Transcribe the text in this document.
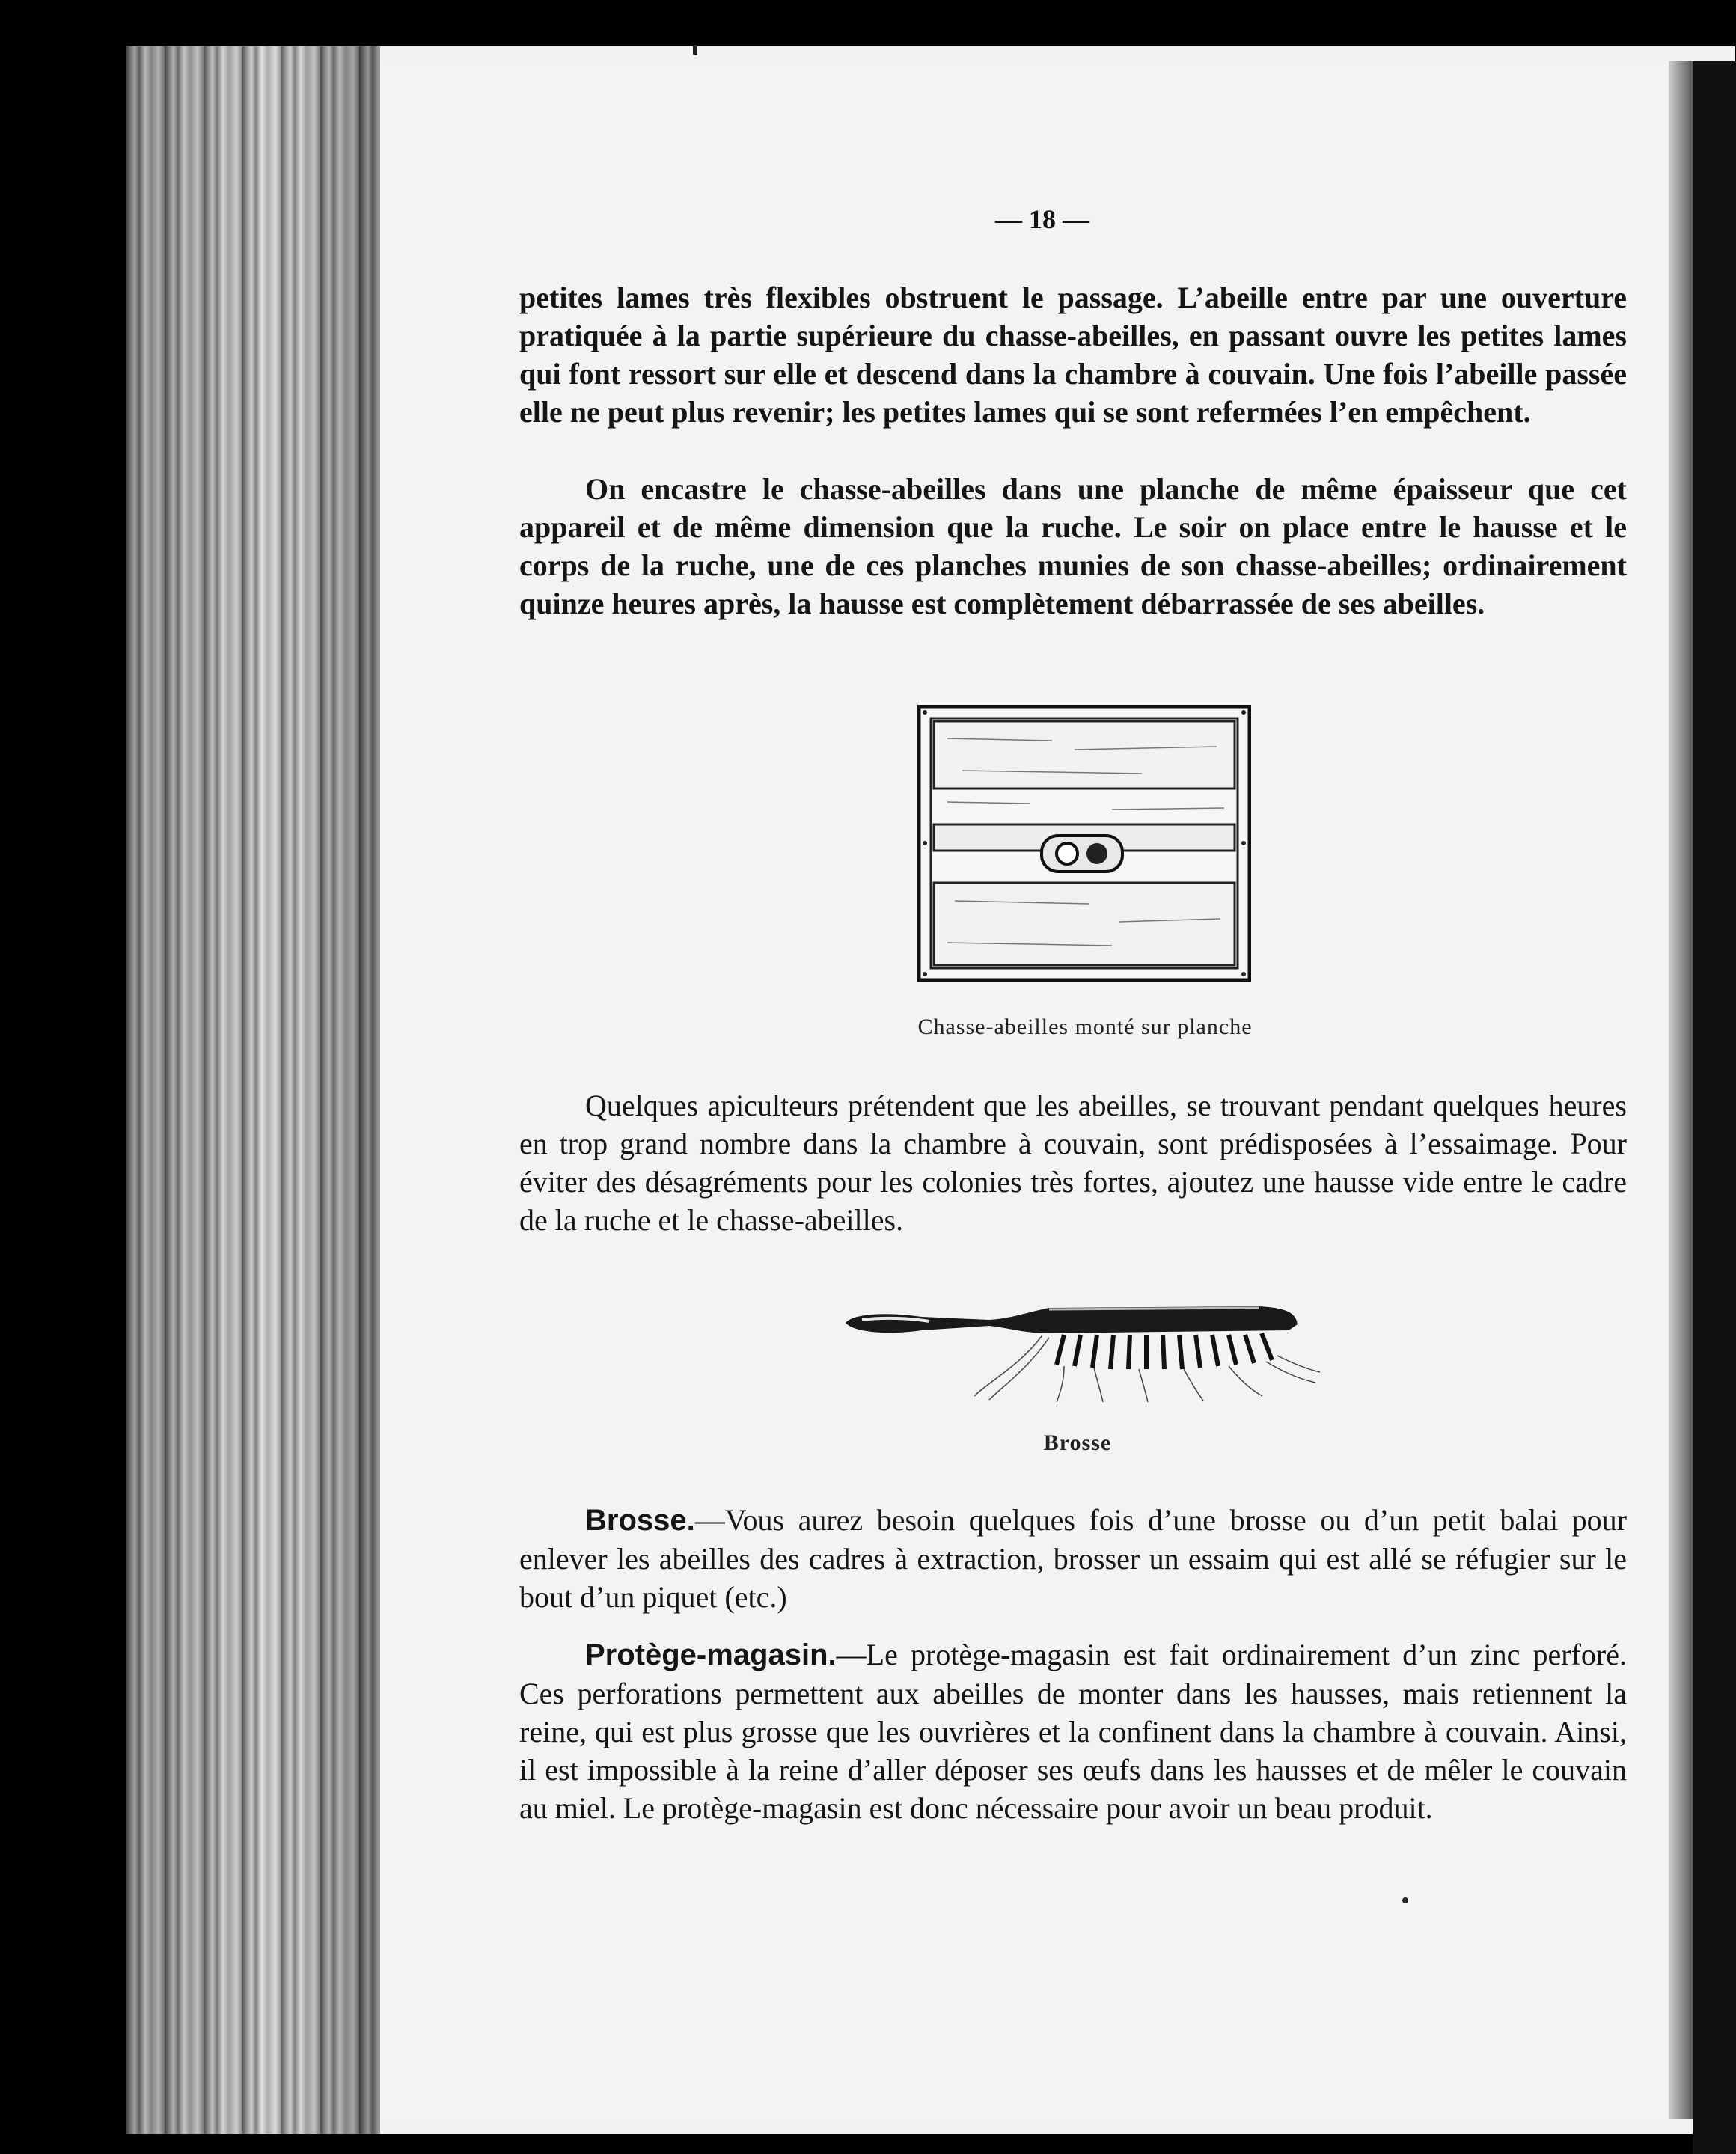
— 18 —

petites lames très flexibles obstruent le passage. L’abeille entre par une ouverture pratiquée à la partie supérieure du chasse-abeilles, en passant ouvre les petites lames qui font ressort sur elle et descend dans la chambre à couvain. Une fois l’abeille passée elle ne peut plus revenir; les petites lames qui se sont refermées l’en empêchent.

On encastre le chasse-abeilles dans une planche de même épaisseur que cet appareil et de même dimension que la ruche. Le soir on place entre le hausse et le corps de la ruche, une de ces planches munies de son chasse-abeilles; ordinairement quinze heures après, la hausse est complètement débarrassée de ses abeilles.

Chasse-abeilles monté sur planche

Quelques apiculteurs prétendent que les abeilles, se trouvant pendant quelques heures en trop grand nombre dans la chambre à couvain, sont prédisposées à l’essaimage. Pour éviter des désagréments pour les colonies très fortes, ajoutez une hausse vide entre le cadre de la ruche et le chasse-abeilles.

Brosse

Brosse.—Vous aurez besoin quelques fois d’une brosse ou d’un petit balai pour enlever les abeilles des cadres à extraction, brosser un essaim qui est allé se réfugier sur le bout d’un piquet (etc.)

Protège-magasin.—Le protège-magasin est fait ordinairement d’un zinc perforé. Ces perforations permettent aux abeilles de monter dans les hausses, mais retiennent la reine, qui est plus grosse que les ouvrières et la confinent dans la chambre à couvain. Ainsi, il est impossible à la reine d’aller déposer ses œufs dans les hausses et de mêler le couvain au miel. Le protège-magasin est donc nécessaire pour avoir un beau produit.
